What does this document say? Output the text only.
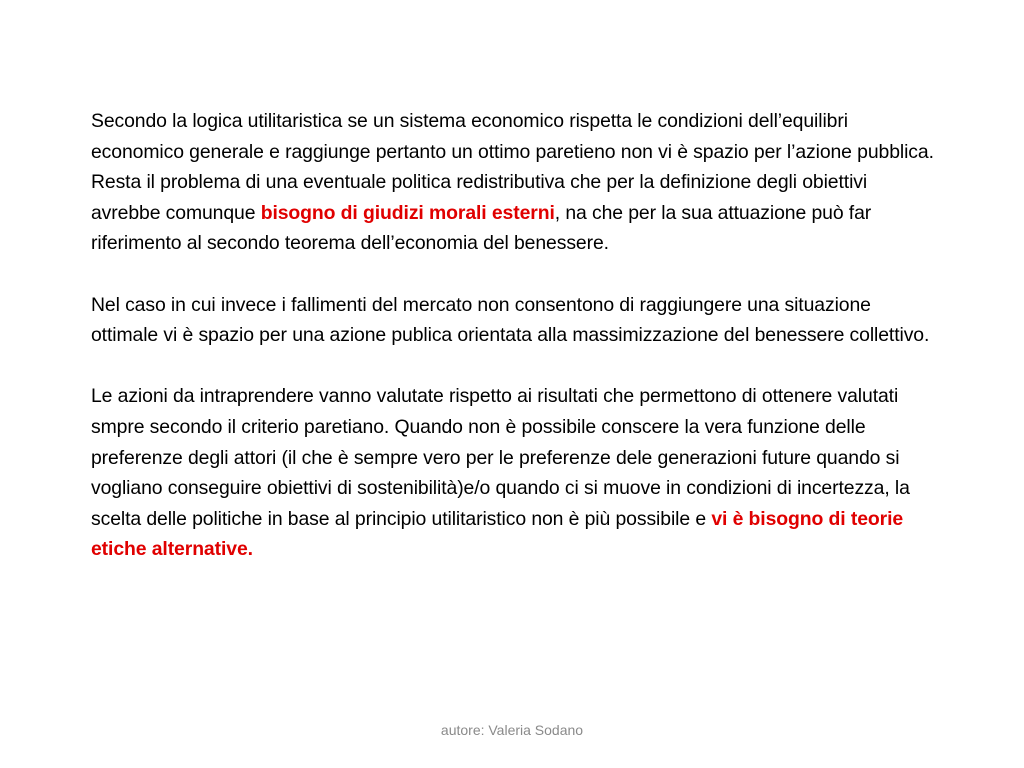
Secondo la logica utilitaristica se un sistema economico rispetta le condizioni dell’equilibri economico generale e raggiunge pertanto un ottimo paretieno non vi è spazio per l’azione pubblica. Resta il problema di una eventuale politica redistributiva che per la definizione degli obiettivi avrebbe comunque bisogno di giudizi morali esterni, na che per la sua attuazione può far riferimento al secondo teorema dell’economia del benessere.

Nel caso in cui invece i fallimenti del mercato non consentono di raggiungere una situazione ottimale vi è spazio per una azione publica orientata alla massimizzazione del benessere collettivo.

Le azioni da intraprendere vanno valutate rispetto ai risultati che permettono di ottenere valutati smpre secondo il criterio paretiano. Quando non è possibile conscere la vera funzione delle preferenze degli attori (il che è sempre vero per le preferenze dele generazioni future quando si vogliano conseguire obiettivi di sostenibilità)e/o quando ci si muove in condizioni di incertezza, la scelta delle politiche in base al principio utilitaristico non è più possibile e vi è bisogno di teorie etiche alternative.

autore: Valeria Sodano
